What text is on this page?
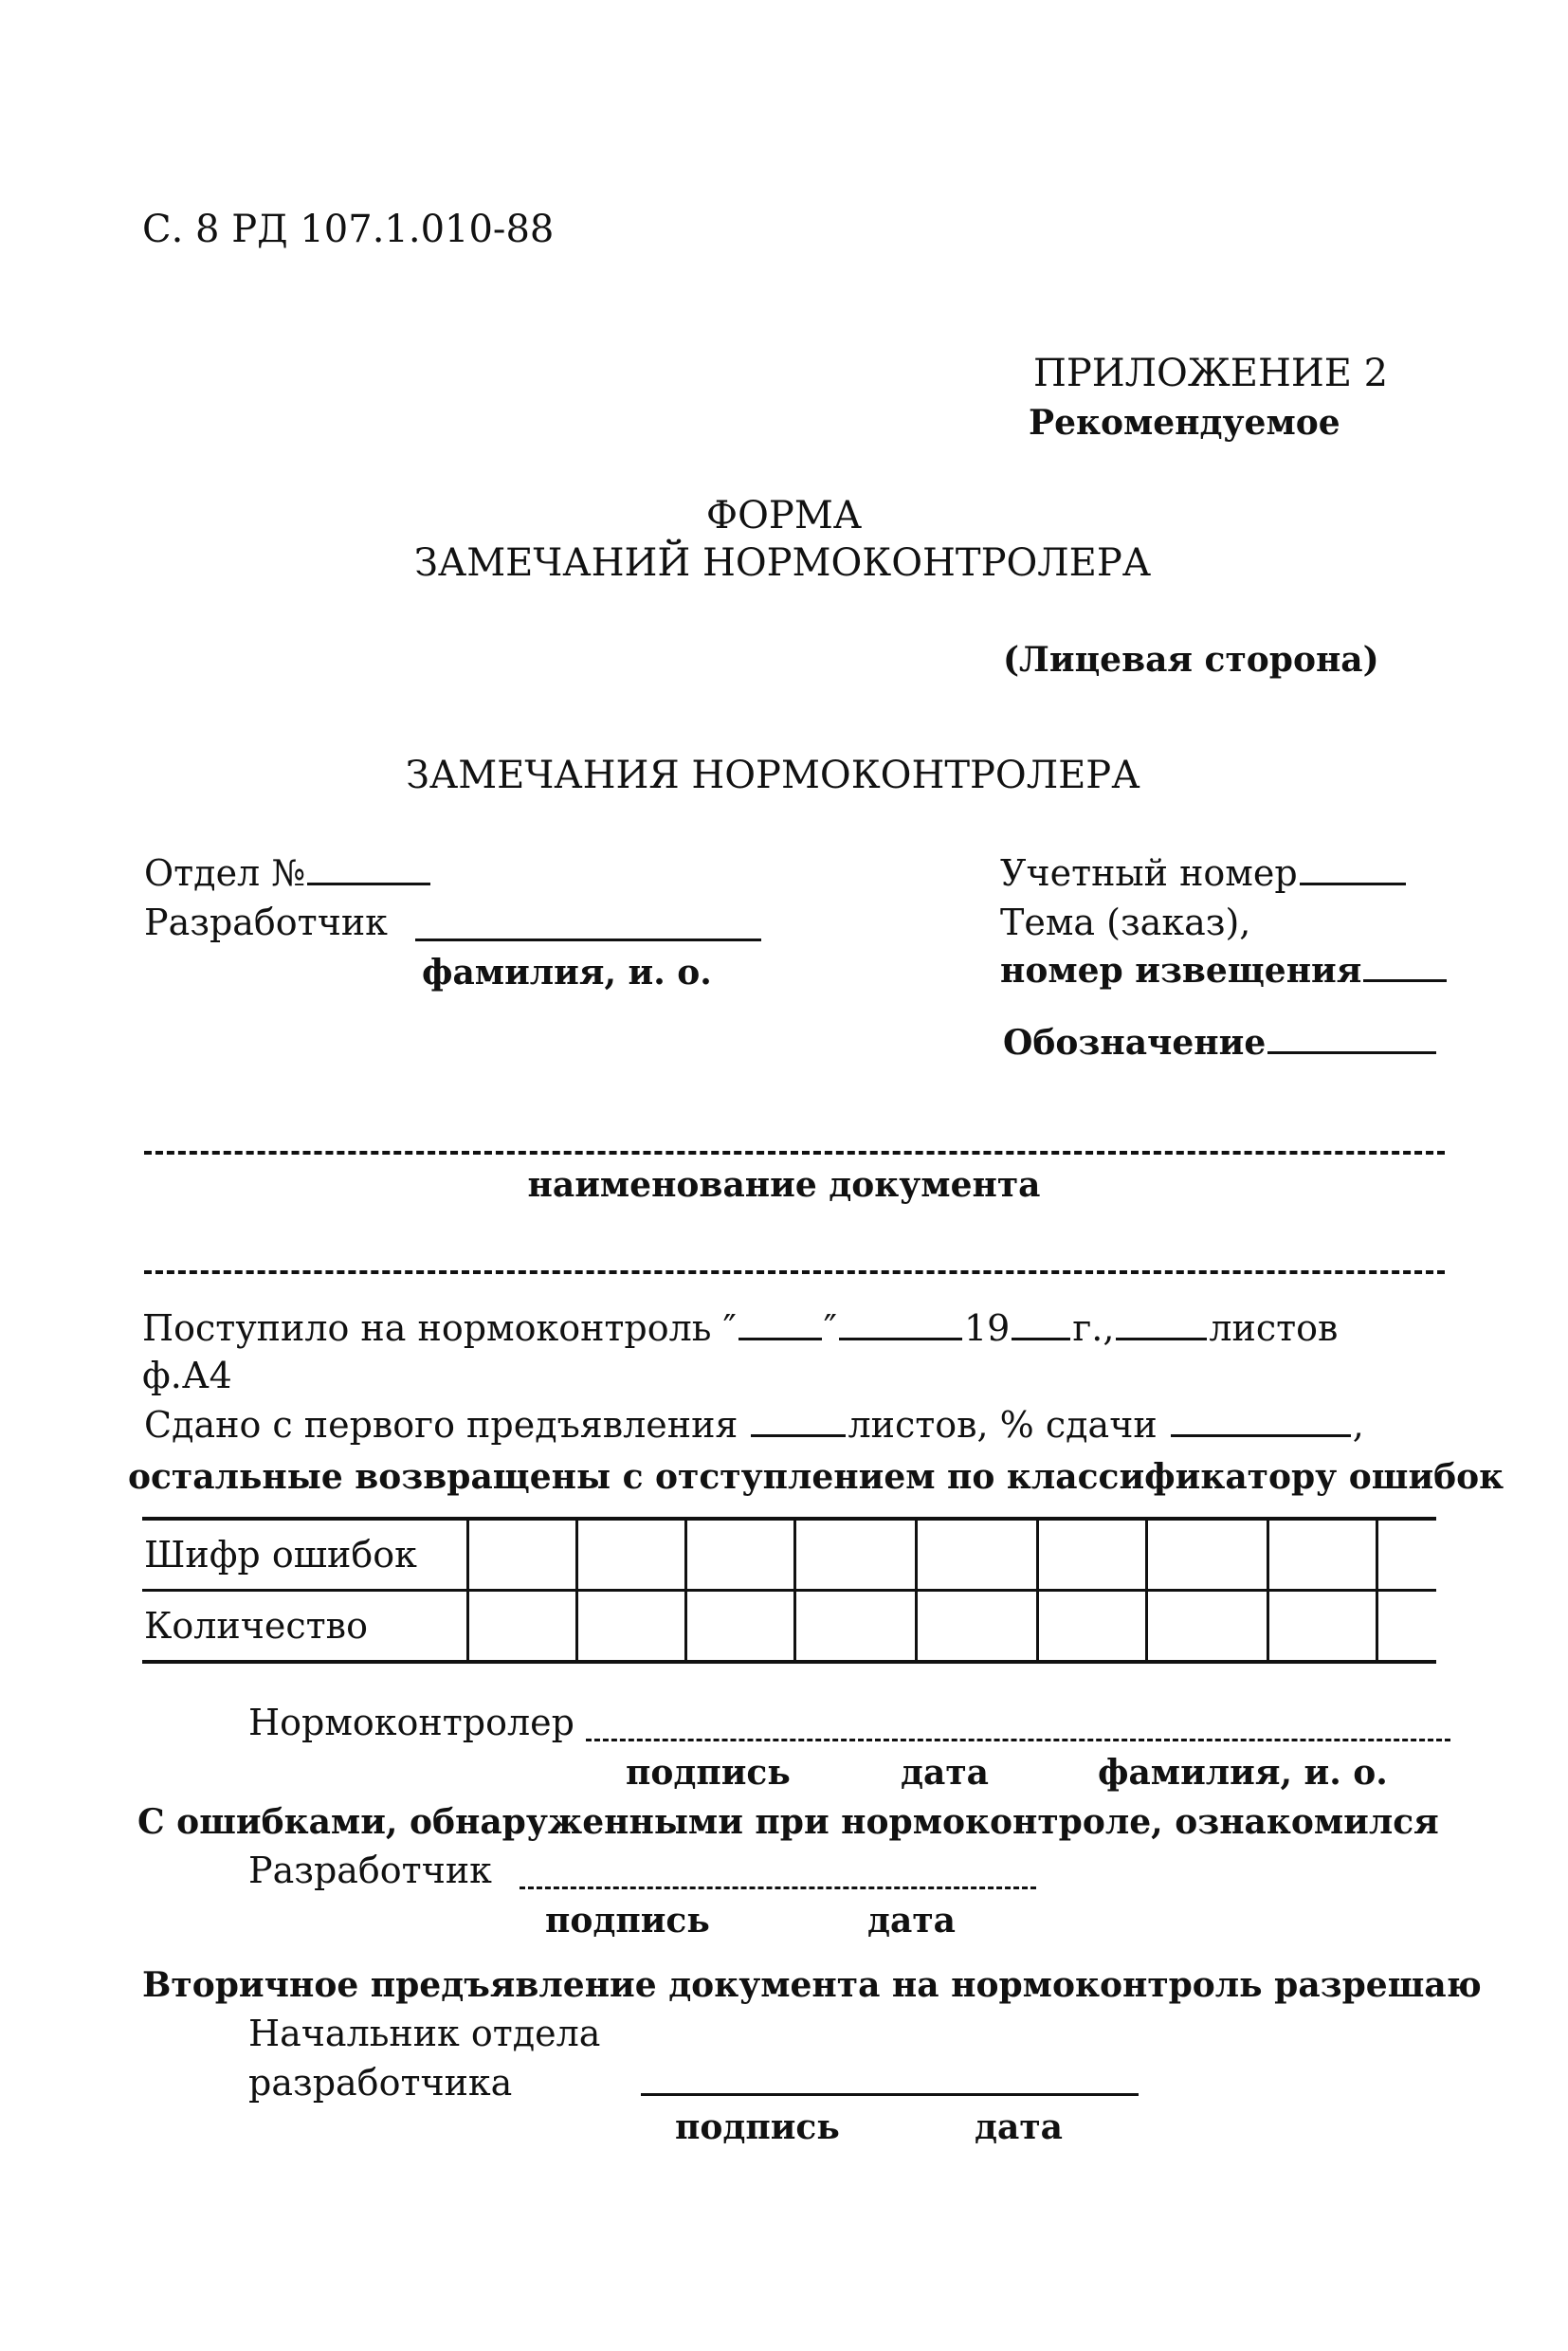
С. 8 РД 107.1.010-88
ПРИЛОЖЕНИЕ 2
Рекомендуемое
ФОРМА
ЗАМЕЧАНИЙ НОРМОКОНТРОЛЕРА
(Лицевая сторона)
ЗАМЕЧАНИЯ НОРМОКОНТРОЛЕРА
Отдел №
Разработчик
фамилия, и. о.
Учетный номер
Тема (заказ),
номер извещения
Обозначение
наименование документа
Поступило на нормоконтроль ″ ″	19 г.,	листов
ф.А4
Сдано с первого предъявления	листов, % сдачи	,
остальные возвращены с отступлением по классификатору ошибок
Шифр ошибок									
Количество									
Нормоконтролер
подпись	дата	фамилия, и. о.
С ошибками, обнаруженными при нормоконтроле, ознакомился
Разработчик
подпись	дата
Вторичное предъявление документа на нормоконтроль разрешаю
Начальник отдела
разработчика
подпись	дата
